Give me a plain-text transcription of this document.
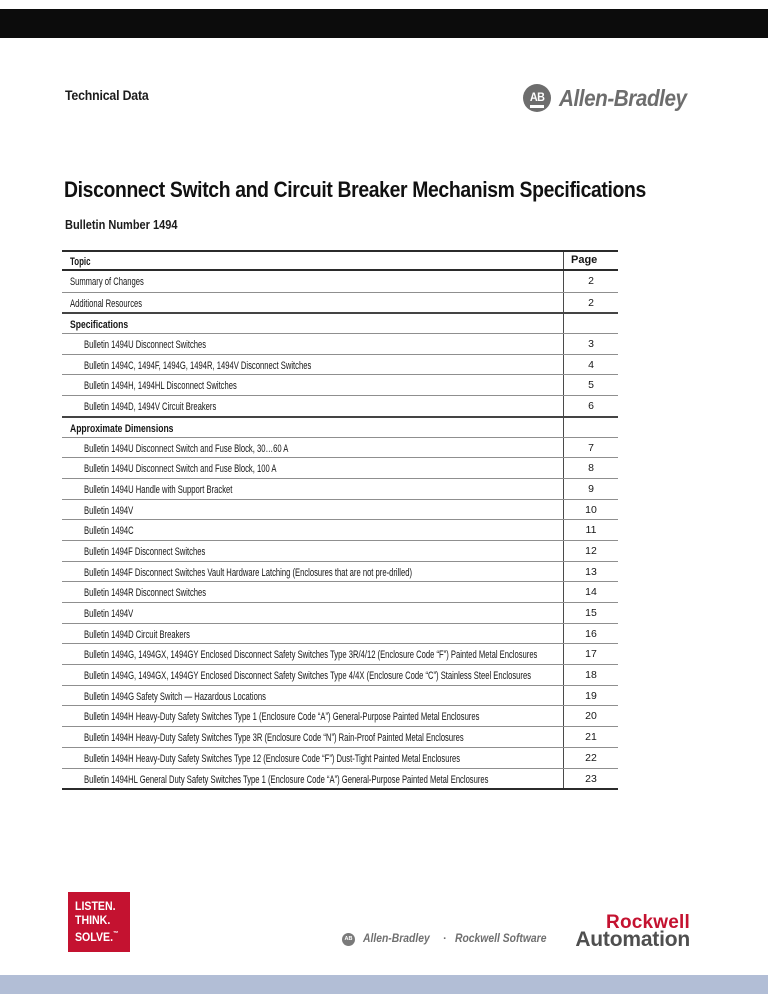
Technical Data	AB Allen-Bradley
Disconnect Switch and Circuit Breaker Mechanism Specifications
Bulletin Number 1494
Topic	Page
Summary of Changes	2
Additional Resources	2
Specifications
Bulletin 1494U Disconnect Switches	3
Bulletin 1494C, 1494F, 1494G, 1494R, 1494V Disconnect Switches	4
Bulletin 1494H, 1494HL Disconnect Switches	5
Bulletin 1494D, 1494V Circuit Breakers	6
Approximate Dimensions
Bulletin 1494U Disconnect Switch and Fuse Block, 30…60 A	7
Bulletin 1494U Disconnect Switch and Fuse Block, 100 A	8
Bulletin 1494U Handle with Support Bracket	9
Bulletin 1494V	10
Bulletin 1494C	11
Bulletin 1494F Disconnect Switches	12
Bulletin 1494F Disconnect Switches Vault Hardware Latching (Enclosures that are not pre-drilled)	13
Bulletin 1494R Disconnect Switches	14
Bulletin 1494V	15
Bulletin 1494D Circuit Breakers	16
Bulletin 1494G, 1494GX, 1494GY Enclosed Disconnect Safety Switches Type 3R/4/12 (Enclosure Code “F”) Painted Metal Enclosures	17
Bulletin 1494G, 1494GX, 1494GY Enclosed Disconnect Safety Switches Type 4/4X (Enclosure Code “C”) Stainless Steel Enclosures	18
Bulletin 1494G Safety Switch — Hazardous Locations	19
Bulletin 1494H Heavy-Duty Safety Switches Type 1 (Enclosure Code “A”) General-Purpose Painted Metal Enclosures	20
Bulletin 1494H Heavy-Duty Safety Switches Type 3R (Enclosure Code “N”) Rain-Proof Painted Metal Enclosures	21
Bulletin 1494H Heavy-Duty Safety Switches Type 12 (Enclosure Code “F”) Dust-Tight Painted Metal Enclosures	22
Bulletin 1494HL General Duty Safety Switches Type 1 (Enclosure Code “A”) General-Purpose Painted Metal Enclosures	23
LISTEN.
THINK.
SOLVE.™
AB Allen-Bradley · Rockwell Software
Rockwell
Automation
